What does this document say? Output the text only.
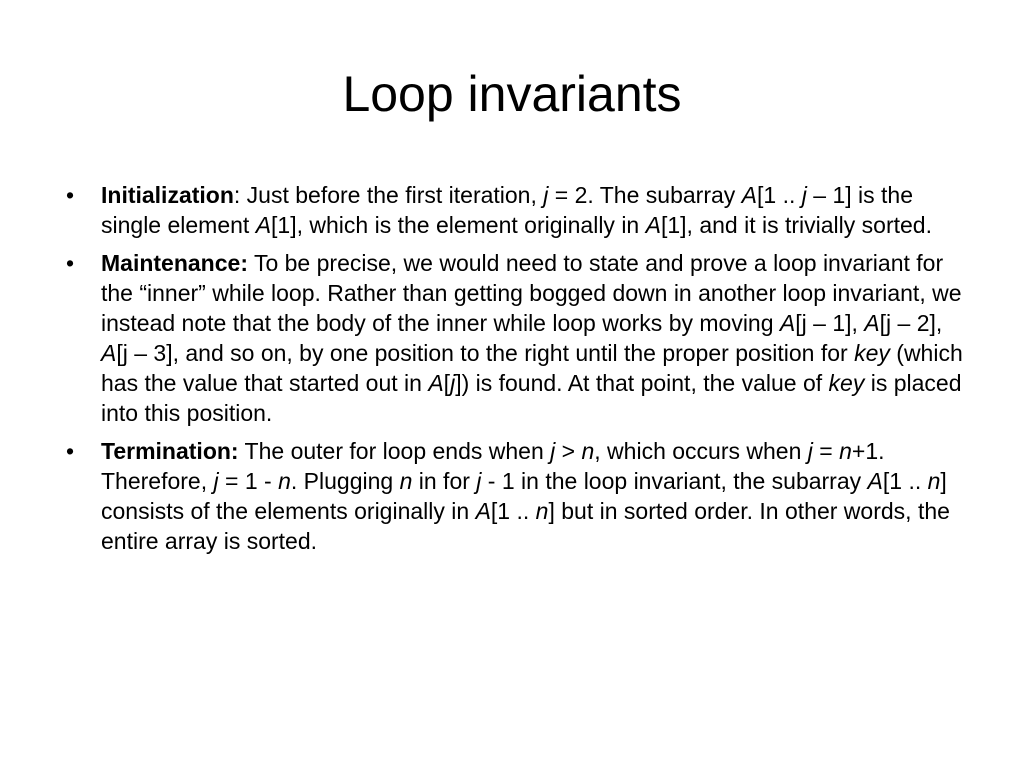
Loop invariants
• Initialization: Just before the first iteration, j = 2. The subarray A[1 .. j – 1] is the single element A[1], which is the element originally in A[1], and it is trivially sorted.
• Maintenance: To be precise, we would need to state and prove a loop invariant for the “inner” while loop. Rather than getting bogged down in another loop invariant, we instead note that the body of the inner while loop works by moving A[j – 1], A[j – 2], A[j – 3], and so on, by one position to the right until the proper position for key (which has the value that started out in A[j]) is found. At that point, the value of key is placed into this position.
• Termination: The outer for loop ends when j > n, which occurs when j = n+1. Therefore, j = 1 - n. Plugging n in for j - 1 in the loop invariant, the subarray A[1 .. n] consists of the elements originally in A[1 .. n] but in sorted order. In other words, the entire array is sorted.
